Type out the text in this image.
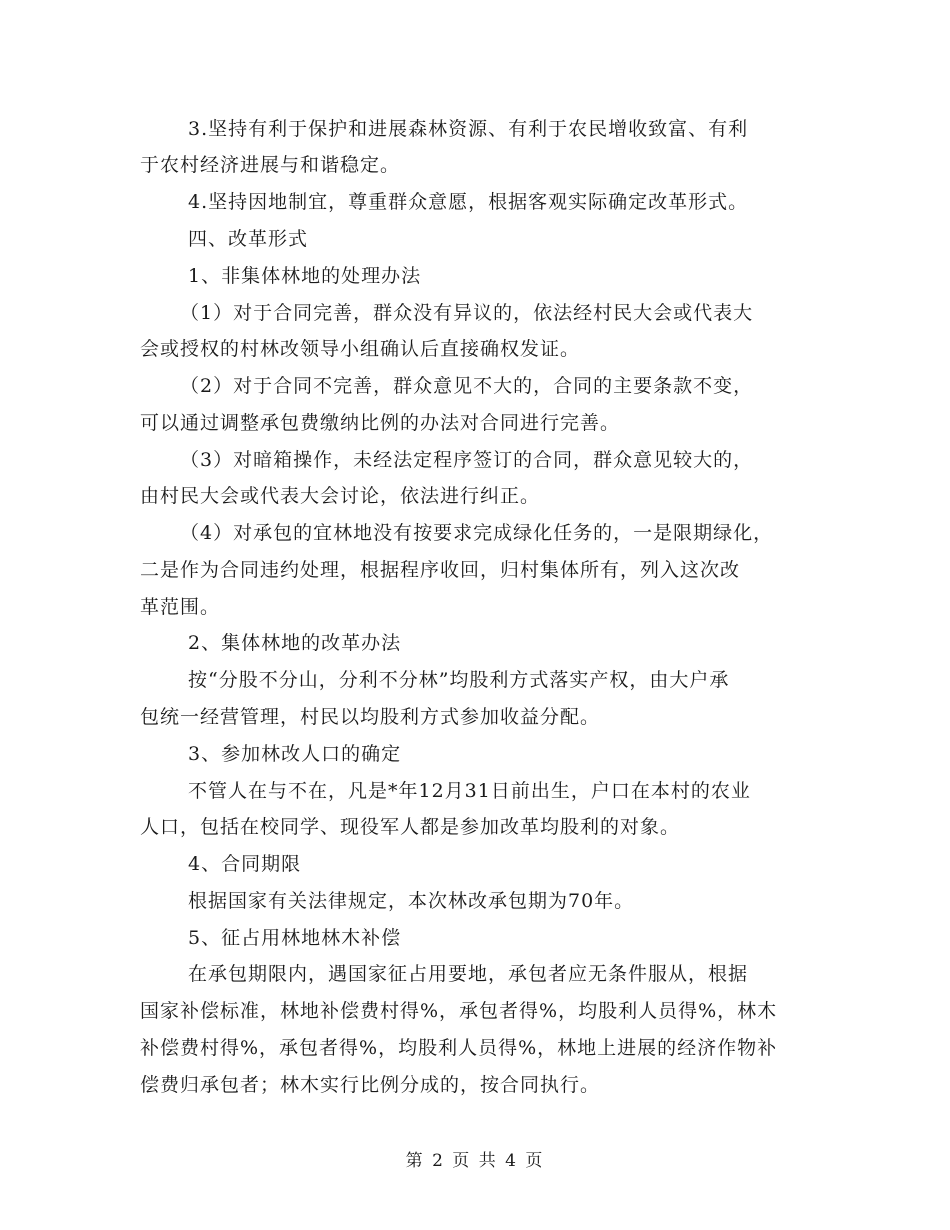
3.坚持有利于保护和进展森林资源、有利于农民增收致富、有利
于农村经济进展与和谐稳定。
4.坚持因地制宜，尊重群众意愿，根据客观实际确定改革形式。
四、改革形式
1、非集体林地的处理办法
（1）对于合同完善，群众没有异议的，依法经村民大会或代表大
会或授权的村林改领导小组确认后直接确权发证。
（2）对于合同不完善，群众意见不大的，合同的主要条款不变，
可以通过调整承包费缴纳比例的办法对合同进行完善。
（3）对暗箱操作，未经法定程序签订的合同，群众意见较大的，
由村民大会或代表大会讨论，依法进行纠正。
（4）对承包的宜林地没有按要求完成绿化任务的，一是限期绿化，
二是作为合同违约处理，根据程序收回，归村集体所有，列入这次改
革范围。
2、集体林地的改革办法
按“分股不分山，分利不分林”均股利方式落实产权，由大户承
包统一经营管理，村民以均股利方式参加收益分配。
3、参加林改人口的确定
不管人在与不在，凡是*年12月31日前出生，户口在本村的农业
人口，包括在校同学、现役军人都是参加改革均股利的对象。
4、合同期限
根据国家有关法律规定，本次林改承包期为70年。
5、征占用林地林木补偿
在承包期限内，遇国家征占用要地，承包者应无条件服从，根据
国家补偿标准，林地补偿费村得%，承包者得%，均股利人员得%，林木
补偿费村得%，承包者得%，均股利人员得%，林地上进展的经济作物补
偿费归承包者；林木实行比例分成的，按合同执行。
第 2 页 共 4 页
